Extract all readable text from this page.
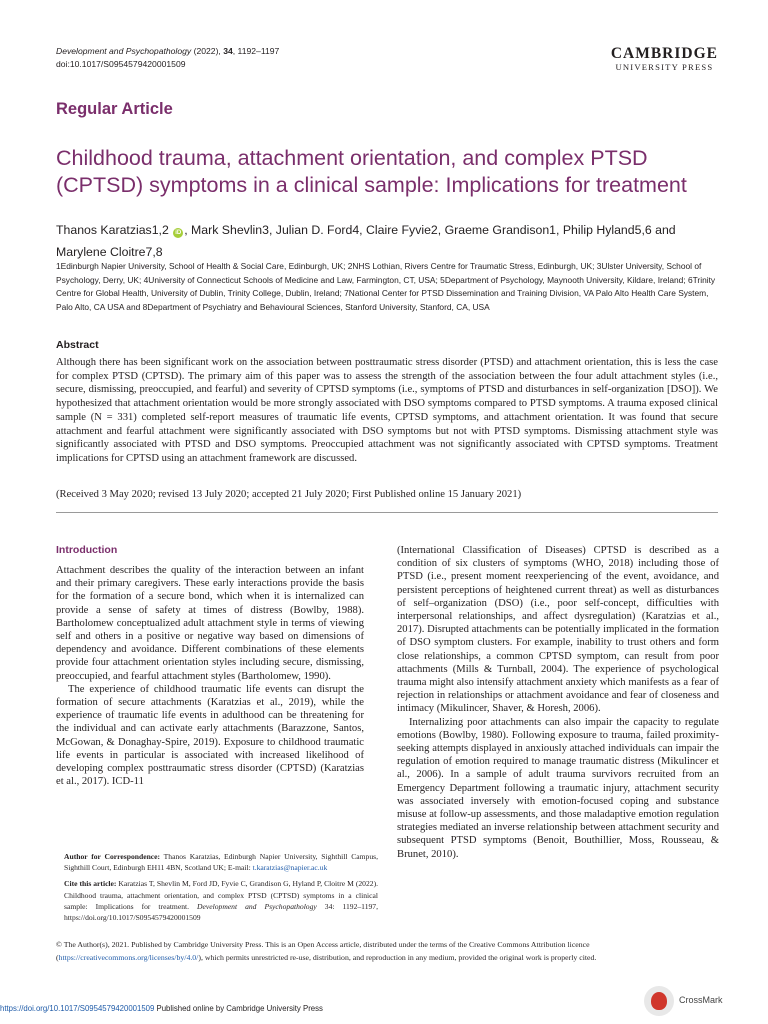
Development and Psychopathology (2022), 34, 1192–1197
doi:10.1017/S0954579420001509
CAMBRIDGE
UNIVERSITY PRESS
Regular Article
Childhood trauma, attachment orientation, and complex PTSD (CPTSD) symptoms in a clinical sample: Implications for treatment
Thanos Karatzias1,2 iD , Mark Shevlin3, Julian D. Ford4, Claire Fyvie2, Graeme Grandison1, Philip Hyland5,6 and Marylene Cloitre7,8
1Edinburgh Napier University, School of Health & Social Care, Edinburgh, UK; 2NHS Lothian, Rivers Centre for Traumatic Stress, Edinburgh, UK; 3Ulster University, School of Psychology, Derry, UK; 4University of Connecticut Schools of Medicine and Law, Farmington, CT, USA; 5Department of Psychology, Maynooth University, Kildare, Ireland; 6Trinity Centre for Global Health, University of Dublin, Trinity College, Dublin, Ireland; 7National Center for PTSD Dissemination and Training Division, VA Palo Alto Health Care System, Palo Alto, CA USA and 8Department of Psychiatry and Behavioural Sciences, Stanford University, Stanford, CA, USA
Abstract
Although there has been significant work on the association between posttraumatic stress disorder (PTSD) and attachment orientation, this is less the case for complex PTSD (CPTSD). The primary aim of this paper was to assess the strength of the association between the four adult attachment styles (i.e., secure, dismissing, preoccupied, and fearful) and severity of CPTSD symptoms (i.e., symptoms of PTSD and disturbances in self-organization [DSO]). We hypothesized that attachment orientation would be more strongly associated with DSO symptoms compared to PTSD symptoms. A trauma exposed clinical sample (N = 331) completed self-report measures of traumatic life events, CPTSD symptoms, and attachment orientation. It was found that secure attachment and fearful attachment were significantly associated with DSO symptoms but not with PTSD symptoms. Dismissing attachment style was significantly associated with PTSD and DSO symptoms. Preoccupied attachment was not significantly associated with CPTSD symptoms. Treatment implications for CPTSD using an attachment framework are discussed.
(Received 3 May 2020; revised 13 July 2020; accepted 21 July 2020; First Published online 15 January 2021)
Introduction

Attachment describes the quality of the interaction between an infant and their primary caregivers. These early interactions provide the basis for the formation of a secure bond, which when it is internalized can provide a sense of safety at times of distress (Bowlby, 1988). Bartholomew conceptualized adult attachment style in terms of viewing self and others in a positive or negative way based on dimensions of dependency and avoidance. Different combinations of these elements provide four attachment orientation styles including secure, dismissing, preoccupied, and fearful attachment styles (Bartholomew, 1990).

The experience of childhood traumatic life events can disrupt the formation of secure attachments (Karatzias et al., 2019), while the experience of traumatic life events in adulthood can be threatening for the individual and can activate early attachments (Barazzone, Santos, McGowan, & Donaghay-Spire, 2019). Exposure to childhood traumatic life events in particular is associated with increased likelihood of developing complex posttraumatic stress disorder (CPTSD) (Karatzias et al., 2017). ICD-11

(International Classification of Diseases) CPTSD is described as a condition of six clusters of symptoms (WHO, 2018) including those of PTSD (i.e., present moment reexperiencing of the event, avoidance, and persistent perceptions of heightened current threat) as well as disturbances of self–organization (DSO) (i.e., poor self-concept, difficulties with interpersonal relationships, and affect dysregulation) (Karatzias et al., 2017). Disrupted attachments can be potentially implicated in the formation of DSO symptom clusters. For example, inability to trust others and form close relationships, a common CPTSD symptom, can result from poor attachments (Mills & Turnball, 2004). The experience of psychological trauma might also intensify attachment anxiety which manifests as a fear of rejection in relationships or attachment avoidance and fear of closeness and intimacy (Mikulincer, Shaver, & Horesh, 2006).

Internalizing poor attachments can also impair the capacity to regulate emotions (Bowlby, 1980). Following exposure to trauma, failed proximity-seeking attempts displayed in anxiously attached individuals can impair the regulation of emotion required to manage traumatic distress (Mikulincer et al., 2006). In a sample of adult trauma survivors recruited from an Emergency Department following a traumatic injury, attachment security was associated inversely with emotion-focused coping and substance misuse at follow-up assessments, and those maladaptive emotion regulation strategies mediated an inverse relationship between attachment security and subsequent PTSD symptoms (Benoit, Bouthillier, Moss, Rousseau, & Brunet, 2010).

Author for Correspondence: Thanos Karatzias, Edinburgh Napier University, Sighthill Campus, Sighthill Court, Edinburgh EH11 4BN, Scotland UK; E-mail: t.karatzias@napier.ac.uk

Cite this article: Karatzias T, Shevlin M, Ford JD, Fyvie C, Grandison G, Hyland P, Cloitre M (2022). Childhood trauma, attachment orientation, and complex PTSD (CPTSD) symptoms in a clinical sample: Implications for treatment. Development and Psychopathology 34: 1192–1197, https://doi.org/10.1017/S0954579420001509

© The Author(s), 2021. Published by Cambridge University Press. This is an Open Access article, distributed under the terms of the Creative Commons Attribution licence (https://creativecommons.org/licenses/by/4.0/), which permits unrestricted re-use, distribution, and reproduction in any medium, provided the original work is properly cited.
https://doi.org/10.1017/S0954579420001509 Published online by Cambridge University Press
CrossMark
